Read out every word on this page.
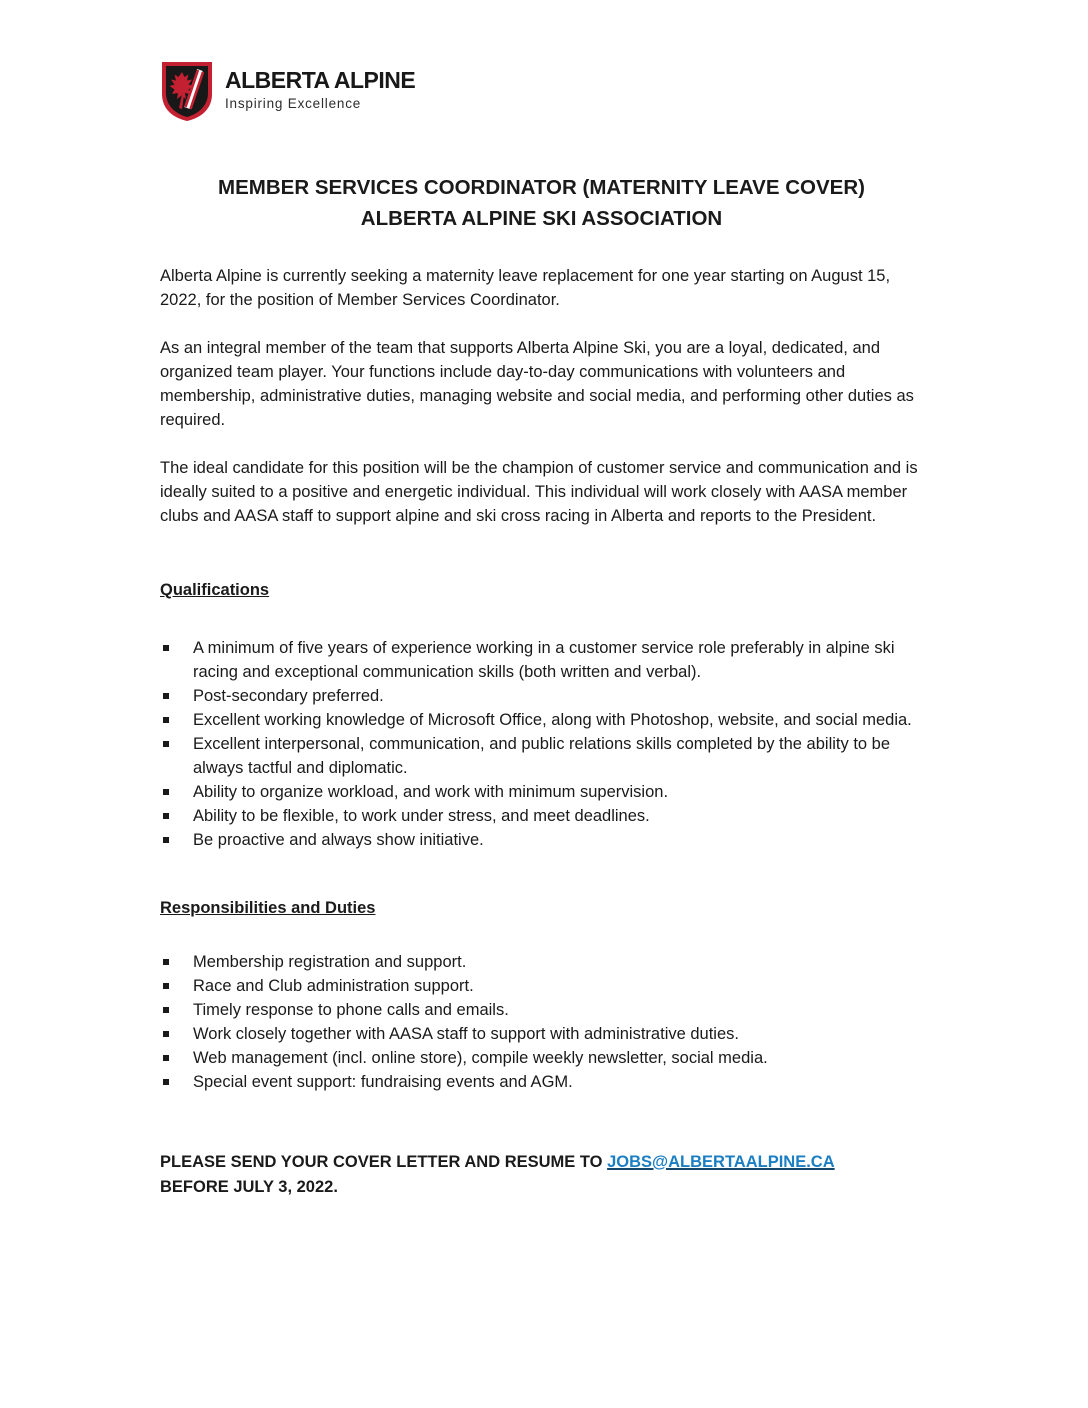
ALBERTA ALPINE
Inspiring Excellence
MEMBER SERVICES COORDINATOR (MATERNITY LEAVE COVER)
ALBERTA ALPINE SKI ASSOCIATION

Alberta Alpine is currently seeking a maternity leave replacement for one year starting on August 15, 2022, for the position of Member Services Coordinator.

As an integral member of the team that supports Alberta Alpine Ski, you are a loyal, dedicated, and organized team player. Your functions include day-to-day communications with volunteers and membership, administrative duties, managing website and social media, and performing other duties as required.

The ideal candidate for this position will be the champion of customer service and communication and is ideally suited to a positive and energetic individual. This individual will work closely with AASA member clubs and AASA staff to support alpine and ski cross racing in Alberta and reports to the President.

Qualifications
A minimum of five years of experience working in a customer service role preferably in alpine ski racing and exceptional communication skills (both written and verbal).
Post-secondary preferred.
Excellent working knowledge of Microsoft Office, along with Photoshop, website, and social media.
Excellent interpersonal, communication, and public relations skills completed by the ability to be always tactful and diplomatic.
Ability to organize workload, and work with minimum supervision.
Ability to be flexible, to work under stress, and meet deadlines.
Be proactive and always show initiative.
Responsibilities and Duties
Membership registration and support.
Race and Club administration support.
Timely response to phone calls and emails.
Work closely together with AASA staff to support with administrative duties.
Web management (incl. online store), compile weekly newsletter, social media.
Special event support: fundraising events and AGM.
PLEASE SEND YOUR COVER LETTER AND RESUME TO JOBS@ALBERTAALPINE.CA
BEFORE JULY 3, 2022.
